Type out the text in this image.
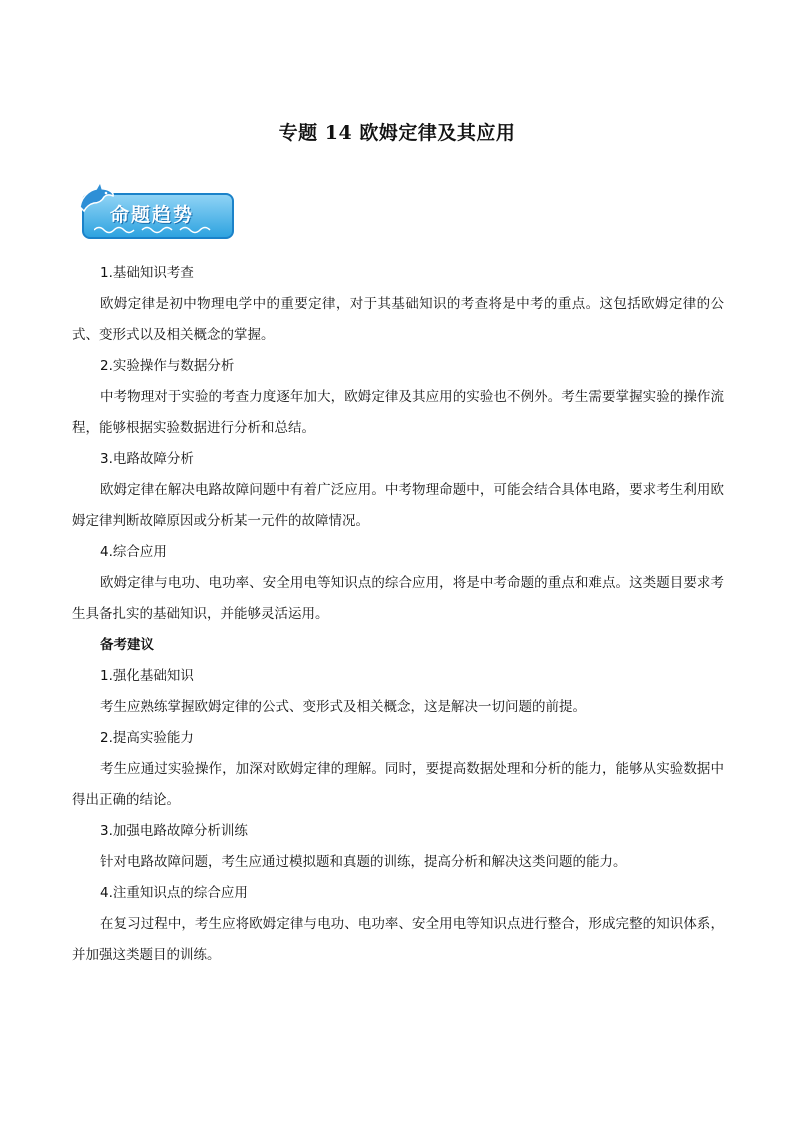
专题 14 欧姆定律及其应用
命题趋势
1.基础知识考查
欧姆定律是初中物理电学中的重要定律，对于其基础知识的考查将是中考的重点。这包括欧姆定律的公式、变形式以及相关概念的掌握。
2.实验操作与数据分析
中考物理对于实验的考查力度逐年加大，欧姆定律及其应用的实验也不例外。考生需要掌握实验的操作流程，能够根据实验数据进行分析和总结。
3.电路故障分析
欧姆定律在解决电路故障问题中有着广泛应用。中考物理命题中，可能会结合具体电路，要求考生利用欧姆定律判断故障原因或分析某一元件的故障情况。
4.综合应用
欧姆定律与电功、电功率、安全用电等知识点的综合应用，将是中考命题的重点和难点。这类题目要求考生具备扎实的基础知识，并能够灵活运用。
备考建议
1.强化基础知识
考生应熟练掌握欧姆定律的公式、变形式及相关概念，这是解决一切问题的前提。
2.提高实验能力
考生应通过实验操作，加深对欧姆定律的理解。同时，要提高数据处理和分析的能力，能够从实验数据中得出正确的结论。
3.加强电路故障分析训练
针对电路故障问题，考生应通过模拟题和真题的训练，提高分析和解决这类问题的能力。
4.注重知识点的综合应用
在复习过程中，考生应将欧姆定律与电功、电功率、安全用电等知识点进行整合，形成完整的知识体系，并加强这类题目的训练。
